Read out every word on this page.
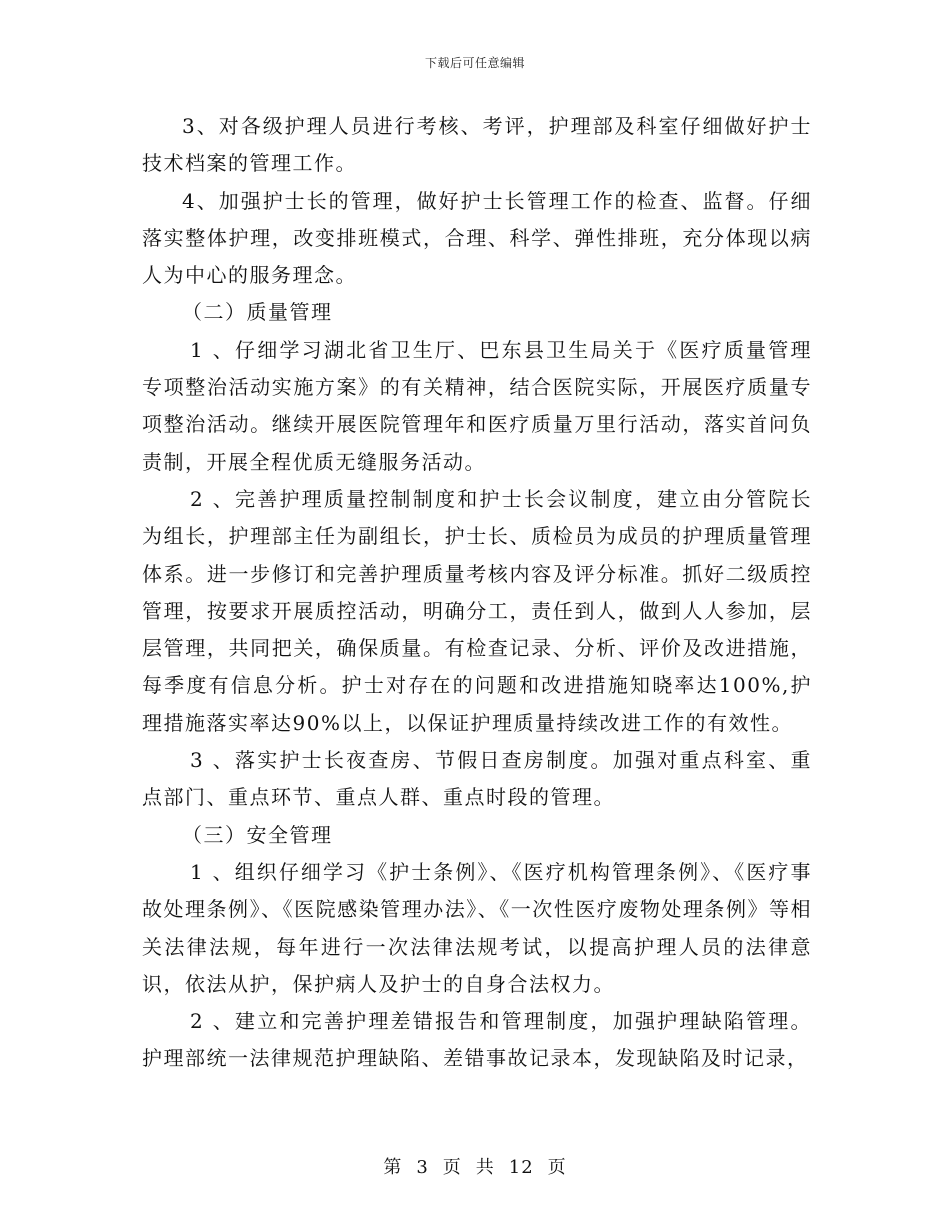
下载后可任意编辑

3、对各级护理人员进行考核、考评，护理部及科室仔细做好护士技术档案的管理工作。

4、加强护士长的管理，做好护士长管理工作的检查、监督。仔细落实整体护理，改变排班模式，合理、科学、弹性排班，充分体现以病人为中心的服务理念。

（二）质量管理

1 、仔细学习湖北省卫生厅、巴东县卫生局关于《医疗质量管理专项整治活动实施方案》的有关精神，结合医院实际，开展医疗质量专项整治活动。继续开展医院管理年和医疗质量万里行活动，落实首问负责制，开展全程优质无缝服务活动。

2 、完善护理质量控制制度和护士长会议制度，建立由分管院长为组长，护理部主任为副组长，护士长、质检员为成员的护理质量管理体系。进一步修订和完善护理质量考核内容及评分标准。抓好二级质控管理，按要求开展质控活动，明确分工，责任到人，做到人人参加，层层管理，共同把关，确保质量。有检查记录、分析、评价及改进措施，每季度有信息分析。护士对存在的问题和改进措施知晓率达100%,护理措施落实率达90%以上，以保证护理质量持续改进工作的有效性。

3 、落实护士长夜查房、节假日查房制度。加强对重点科室、重点部门、重点环节、重点人群、重点时段的管理。

（三）安全管理

1 、组织仔细学习《护士条例》、《医疗机构管理条例》、《医疗事故处理条例》、《医院感染管理办法》、《一次性医疗废物处理条例》等相关法律法规，每年进行一次法律法规考试，以提高护理人员的法律意识，依法从护，保护病人及护士的自身合法权力。

2 、建立和完善护理差错报告和管理制度，加强护理缺陷管理。护理部统一法律规范护理缺陷、差错事故记录本，发现缺陷及时记录，

第 3 页 共 12 页
